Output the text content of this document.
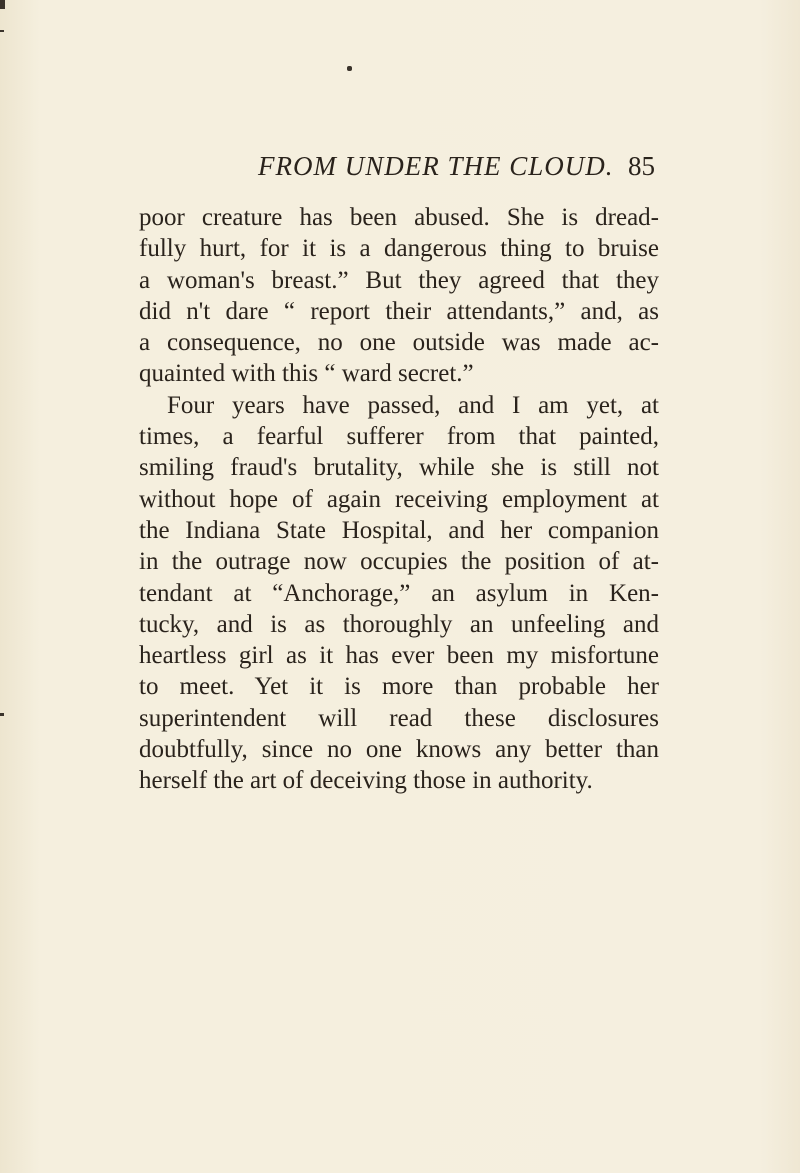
FROM UNDER THE CLOUD. 85
poor creature has been abused. She is dread-
fully hurt, for it is a dangerous thing to bruise
a woman's breast.” But they agreed that they
did n't dare “ report their attendants,” and, as
a consequence, no one outside was made ac-
quainted with this “ ward secret.”
Four years have passed, and I am yet, at
times, a fearful sufferer from that painted,
smiling fraud's brutality, while she is still not
without hope of again receiving employment at
the Indiana State Hospital, and her companion
in the outrage now occupies the position of at-
tendant at “Anchorage,” an asylum in Ken-
tucky, and is as thoroughly an unfeeling and
heartless girl as it has ever been my misfortune
to meet. Yet it is more than probable her
superintendent will read these disclosures
doubtfully, since no one knows any better than
herself the art of deceiving those in authority.
